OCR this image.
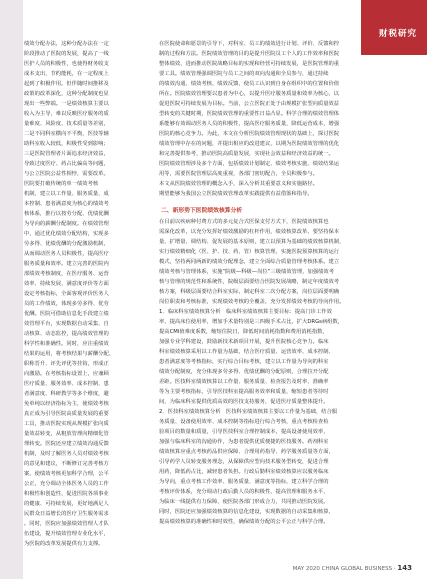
财税研究
绩效分配办法，这种分配办法在一定
阶段推动了医院的发展，提高了一线
医护人员的积极性，也使得财务收支
成本支出，节约能耗，在一定程度上
起到了积极作用。但伴随时间推移及
政策的改革深化，这种分配制度也显
现出一些弊端。一是绩效核算主要以
收入为主导，难以反映医疗服务的质
量难度、风险度、技术质量等差别，
二是不同科室横向不平衡，医技等辅
助科室收入较低，积极性受到影响；
三是医院管理者片面追求经济效益，
导致过度医疗、药占比偏高等问题，
与公立医院公益性相悖，需要改革。
医院要打破传统的单一绩效考核
机制，建立以工作量、服务质量、成
本控制、患者满意度为核心的绩效考
核体系，推行以按劳分配、优绩优酬
为导向的薪酬分配制度。在绩效管理
中，通过优化绩效分配结构，实现多
劳多得、优绩优酬的分配激励机制，
从而调动医务人员积极性，提高医疗
服务质量和效率。建立完善的医院内
部绩效考核制度，在医疗服务、运营
效率、持续发展、满意度评价等方面
设定考核指标，全面客观评价医务人
员的工作绩效，体现多劳多得、优劳
优酬。医院可借助信息化手段建立绩
效管理平台，实现数据自动采集、自
动核算、动态监控，提高绩效管理的
科学性和准确性。同时，应注重绩效
结果的运用，将考核结果与薪酬分配、
职称晋升、评先评优等挂钩，形成正
向激励。在考核指标设置上，应兼顾
医疗质量、服务效率、成本控制、患
者满意度、科研教学等多个维度，避
免单纯以经济指标为主，使绩效考核
真正成为引导医院高质量发展的重要
工具，推动医院实现从规模扩张向质
量效益转变，从粗放管理向精细化管
理转变。医院还应建立绩效沟通反馈
机制，及时了解医务人员对绩效考核
的意见和建议，不断修订完善考核方
案，使绩效考核更加科学合理，公平
公正，充分调动全体医务人员的工作
积极性和创造性，促进医院各项事业
的健康、可持续发展，更好地满足人
民群众日益增长的医疗卫生服务需求
。同时，医院应加强绩效管理人才队
伍建设，提升绩效管理专业化水平，
为医院的改革发展提供有力支撑。
在医院使命和愿景的引导下，对科室、员工的绩效进行计划、评价、反馈和控
制的过程和方法。医院绩效管理的目的是提升医院员工个人的工作效率和医院
整体绩效，进而推动医院战略目标的实现和经营可持续发展，是医院管理的重
要工具。绩效管理强调医院与员工之间的双向沟通和全员参与，通过持续
的绩效沟通、绩效考核、绩效反馈，使员工认识到自身在组织中的位置和价值
所在。医院绩效管理要以患者为中心，以提升医疗服务质量和效率为核心，以
促进医院可持续发展为目标。当前，公立医院正处于由规模扩张型向质量效益
型转变的关键时期，医院绩效管理的重要性日益凸显。科学合理的绩效管理体
系能够有效调动医务人员的积极性，提高医疗服务质量，降低运营成本，增强
医院的核心竞争力。为此，本文在分析医院绩效管理现状的基础上，探讨医院
绩效管理中存在的问题，并提出相应的改进建议，以期为医院绩效管理的优化
和完善提供参考，推动医院高质量发展，实现社会效益和经济效益的统一。
医院绩效管理涉及多个方面，包括绩效计划制定、绩效考核实施、绩效结果运
用等，需要医院管理层高度重视，各部门密切配合，全员积极参与。
本文从医院绩效管理的概念入手，深入分析其重要意义和实施路径。
期望能够为我国公立医院绩效管理改革实践提供有益借鉴和指导。
二、新形势下医院绩效核算分析
在目前以疾病种付费方式的多元复合式医保支付方式下，医院绩效核算也
需深化改革，以充分发挥好绩效激励的杠杆作用，绩效核算改革、要坚持保本
量、扩增量、调结构、促发展的基本原则，建立以预算为基础的绩效核算机制，
实行绩效精细化（医、护、技、药、管）核算管理，实施医院预算核算的运行
模式，坚持两同两新的绩效分配理念，建立全面综合质量管理考核体系。建立
绩效考核与管理体系，实施“院级—科级—岗位”三级绩效管理，加强绩效考
核与管理的规范性和系统性，院级层面要结合医院发展战略，制定年度绩效考
核方案，科级层面要结合科室实际，制定科室二次分配方案，岗位层面要明确
岗位职责和考核标准，实现绩效考核的全覆盖，充分发挥绩效考核的导向作用。
1．临床科室绩效核算分析　临床科室绩效核算主要目标：提高门诊工作效
率，提高床位使用率，增加手术量特别是三四级手术占比，扩大DRGs病组数，
提高CMI值难度系数，缩短住院日，降低时间消耗指数和费用消耗指数，
加强专业学科建设，鼓励新技术新项目开展，提升医院核心竞争力。临床
科室绩效核算采用以工作量为基础，结合医疗质量、运营效率、成本控制、
患者满意度等考核指标，实行综合目标考核，建立以工作量为导向的科室
绩效分配制度，充分体现多劳多得、优绩优酬的分配原则，合理拉开分配
差距。医技科室绩效核算以工作量、服务质量、检查报告及时率、准确率
等为主要考核指标，引导医技科室提高服务效率和质量，缩短患者等待时
间，为临床科室提供优质高效的医技支持服务，促进医疗质量整体提升。
2．医技科室绩效核算分析　医技科室绩效核算主要以工作量为基础，结合服
务质量、设备使用效率、成本控制等指标进行综合考核，重点考核检查检
验项目的数量和质量，引导医技科室合理控制成本，提高设备使用效率，
加强与临床科室的沟通协作，为患者提供优质便捷的医技服务。药剂科室
绩效核算应重点考核药品供应保障、合理用药指导、药学服务质量等方面，
引导药学人员转变服务理念，从保障供应型向技术服务型转变，促进合理
用药，降低药占比，减轻患者负担。行政后勤科室绩效核算应以服务临床
为导向，重点考核工作效率、服务质量、满意度等指标，建立科学合理的
考核评价体系，充分调动行政后勤人员的积极性，提高管理和服务水平，
为临床一线提供有力保障，使医院各部门形成合力，共同推动医院发展。
同时，医院还应加强绩效核算的信息化建设，实现数据的自动采集和核算，
提高绩效核算的准确性和时效性，确保绩效分配的公平公正与科学合理。
MAY 2020 CHINA GLOBAL BUSINESS · 143
